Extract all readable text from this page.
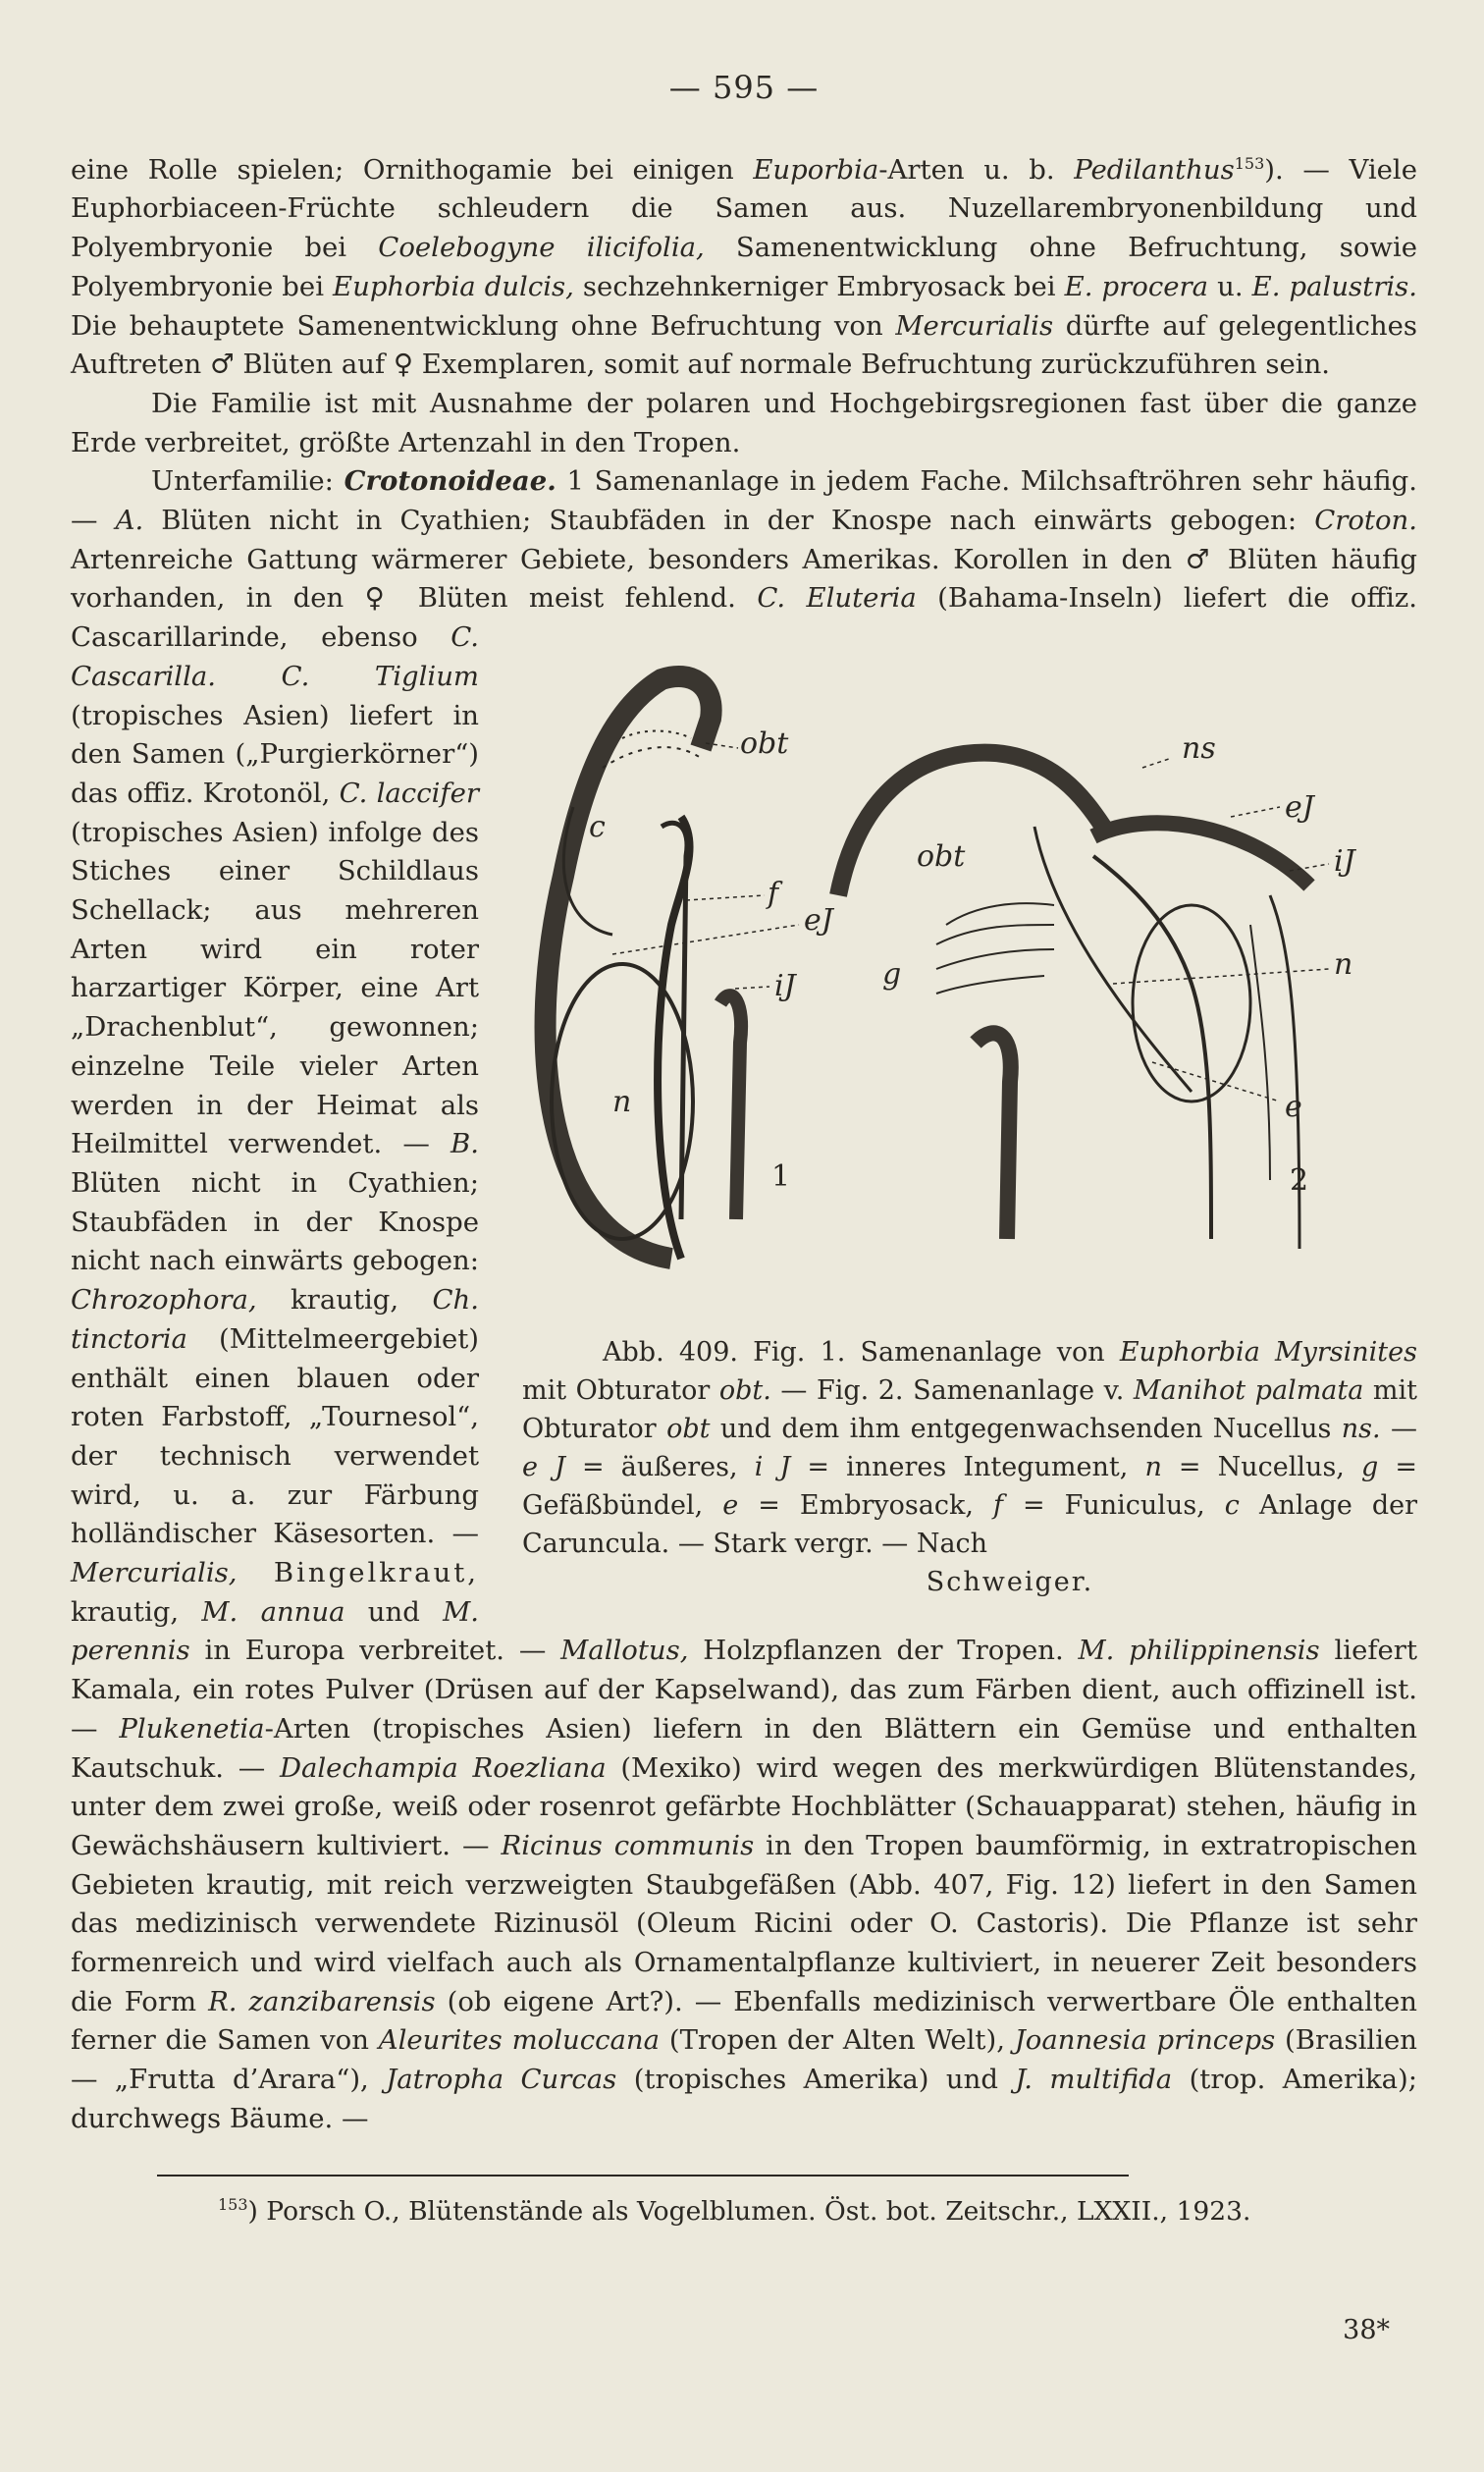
— 595 —

eine Rolle spielen; Ornithogamie bei einigen Euporbia-Arten u. b. Pedilanthus$^{153}$). — Viele Euphorbiaceen-Früchte schleudern die Samen aus. Nuzellarembryonenbildung und Polyembryonie bei Coelebogyne ilicifolia, Samenentwicklung ohne Befruchtung, sowie Polyembryonie bei Euphorbia dulcis, sechzehnkerniger Embryosack bei E. procera u. E. palustris. Die behauptete Samenentwicklung ohne Befruchtung von Mercurialis dürfte auf gelegentliches Auftreten ♂ Blüten auf ♀ Exemplaren, somit auf normale Befruchtung zurückzuführen sein.

Die Familie ist mit Ausnahme der polaren und Hochgebirgsregionen fast über die ganze Erde verbreitet, größte Artenzahl in den Tropen.

Unterfamilie: Crotonoideae. 1 Samenanlage in jedem Fache. Milchsaftröhren sehr häufig. — A. Blüten nicht in Cyathien; Staubfäden in der Knospe nach einwärts gebogen: Croton. Artenreiche Gattung wärmerer Gebiete, besonders Amerikas. Korollen in den ♂ Blüten häufig vorhanden, in den ♀ Blüten meist fehlend. C. Eluteria (Bahama-Inseln) liefert die offiz. Cascarillarinde, ebenso
obt
c
f
eJ
iJ
n
1
ns
eJ
obt	iJ
g	n
e
2
Abb. 409. Fig. 1. Samenanlage von Euphorbia Myrsinites mit Obturator obt. — Fig. 2. Samenanlage v. Manihot palmata mit Obturator obt und dem ihm entgegenwachsenden Nucellus ns. — e J = äußeres, i J = inneres Integument, n = Nucellus, g = Gefäßbündel, e = Embryosack, f = Funiculus, c Anlage der Caruncula. — Stark vergr. — Nach
Schweiger.
C. Cascarilla. C. Tiglium (tropisches Asien) liefert in den Samen („Purgierkörner“) das offiz. Krotonöl, C. laccifer (tropisches Asien) infolge des Stiches einer Schildlaus Schellack; aus mehreren Arten wird ein roter harzartiger Körper, eine Art „Drachenblut“, gewonnen; einzelne Teile vieler Arten werden in der Heimat als Heilmittel verwendet. — B. Blüten nicht in Cyathien; Staubfäden in der Knospe nicht nach einwärts gebogen: Chrozophora, krautig, Ch. tinctoria (Mittelmeergebiet) enthält einen blauen oder roten Farbstoff, „Tournesol“, der technisch verwendet wird, u. a. zur Färbung holländischer Käsesorten. — Mercurialis, Bingelkraut, krautig, M. annua und M. perennis in Europa verbreitet. — Mallotus, Holzpflanzen der Tropen. M. philippinensis liefert Kamala, ein rotes Pulver (Drüsen auf der Kapselwand), das zum Färben dient, auch offizinell ist. — Plukenetia-Arten (tropisches Asien) liefern in den Blättern ein Gemüse und enthalten Kautschuk. — Dalechampia Roezliana (Mexiko) wird wegen des merkwürdigen Blütenstandes, unter dem zwei große, weiß oder rosenrot gefärbte Hochblätter (Schauapparat) stehen, häufig in Gewächshäusern kultiviert. — Ricinus communis in den Tropen baumförmig, in extratropischen Gebieten krautig, mit reich verzweigten Staubgefäßen (Abb. 407, Fig. 12) liefert in den Samen das medizinisch verwendete Rizinusöl (Oleum Ricini oder O. Castoris). Die Pflanze ist sehr formenreich und wird vielfach auch als Ornamentalpflanze kultiviert, in neuerer Zeit besonders die Form R. zanzibarensis (ob eigene Art?). — Ebenfalls medizinisch verwertbare Öle enthalten ferner die Samen von Aleurites moluccana (Tropen der Alten Welt), Joannesia princeps (Brasilien — „Frutta d’Arara“), Jatropha Curcas (tropisches Amerika) und J. multifida (trop. Amerika); durchwegs Bäume. —

$^{153}$) Porsch O., Blütenstände als Vogelblumen. Öst. bot. Zeitschr., LXXII., 1923.

38*
